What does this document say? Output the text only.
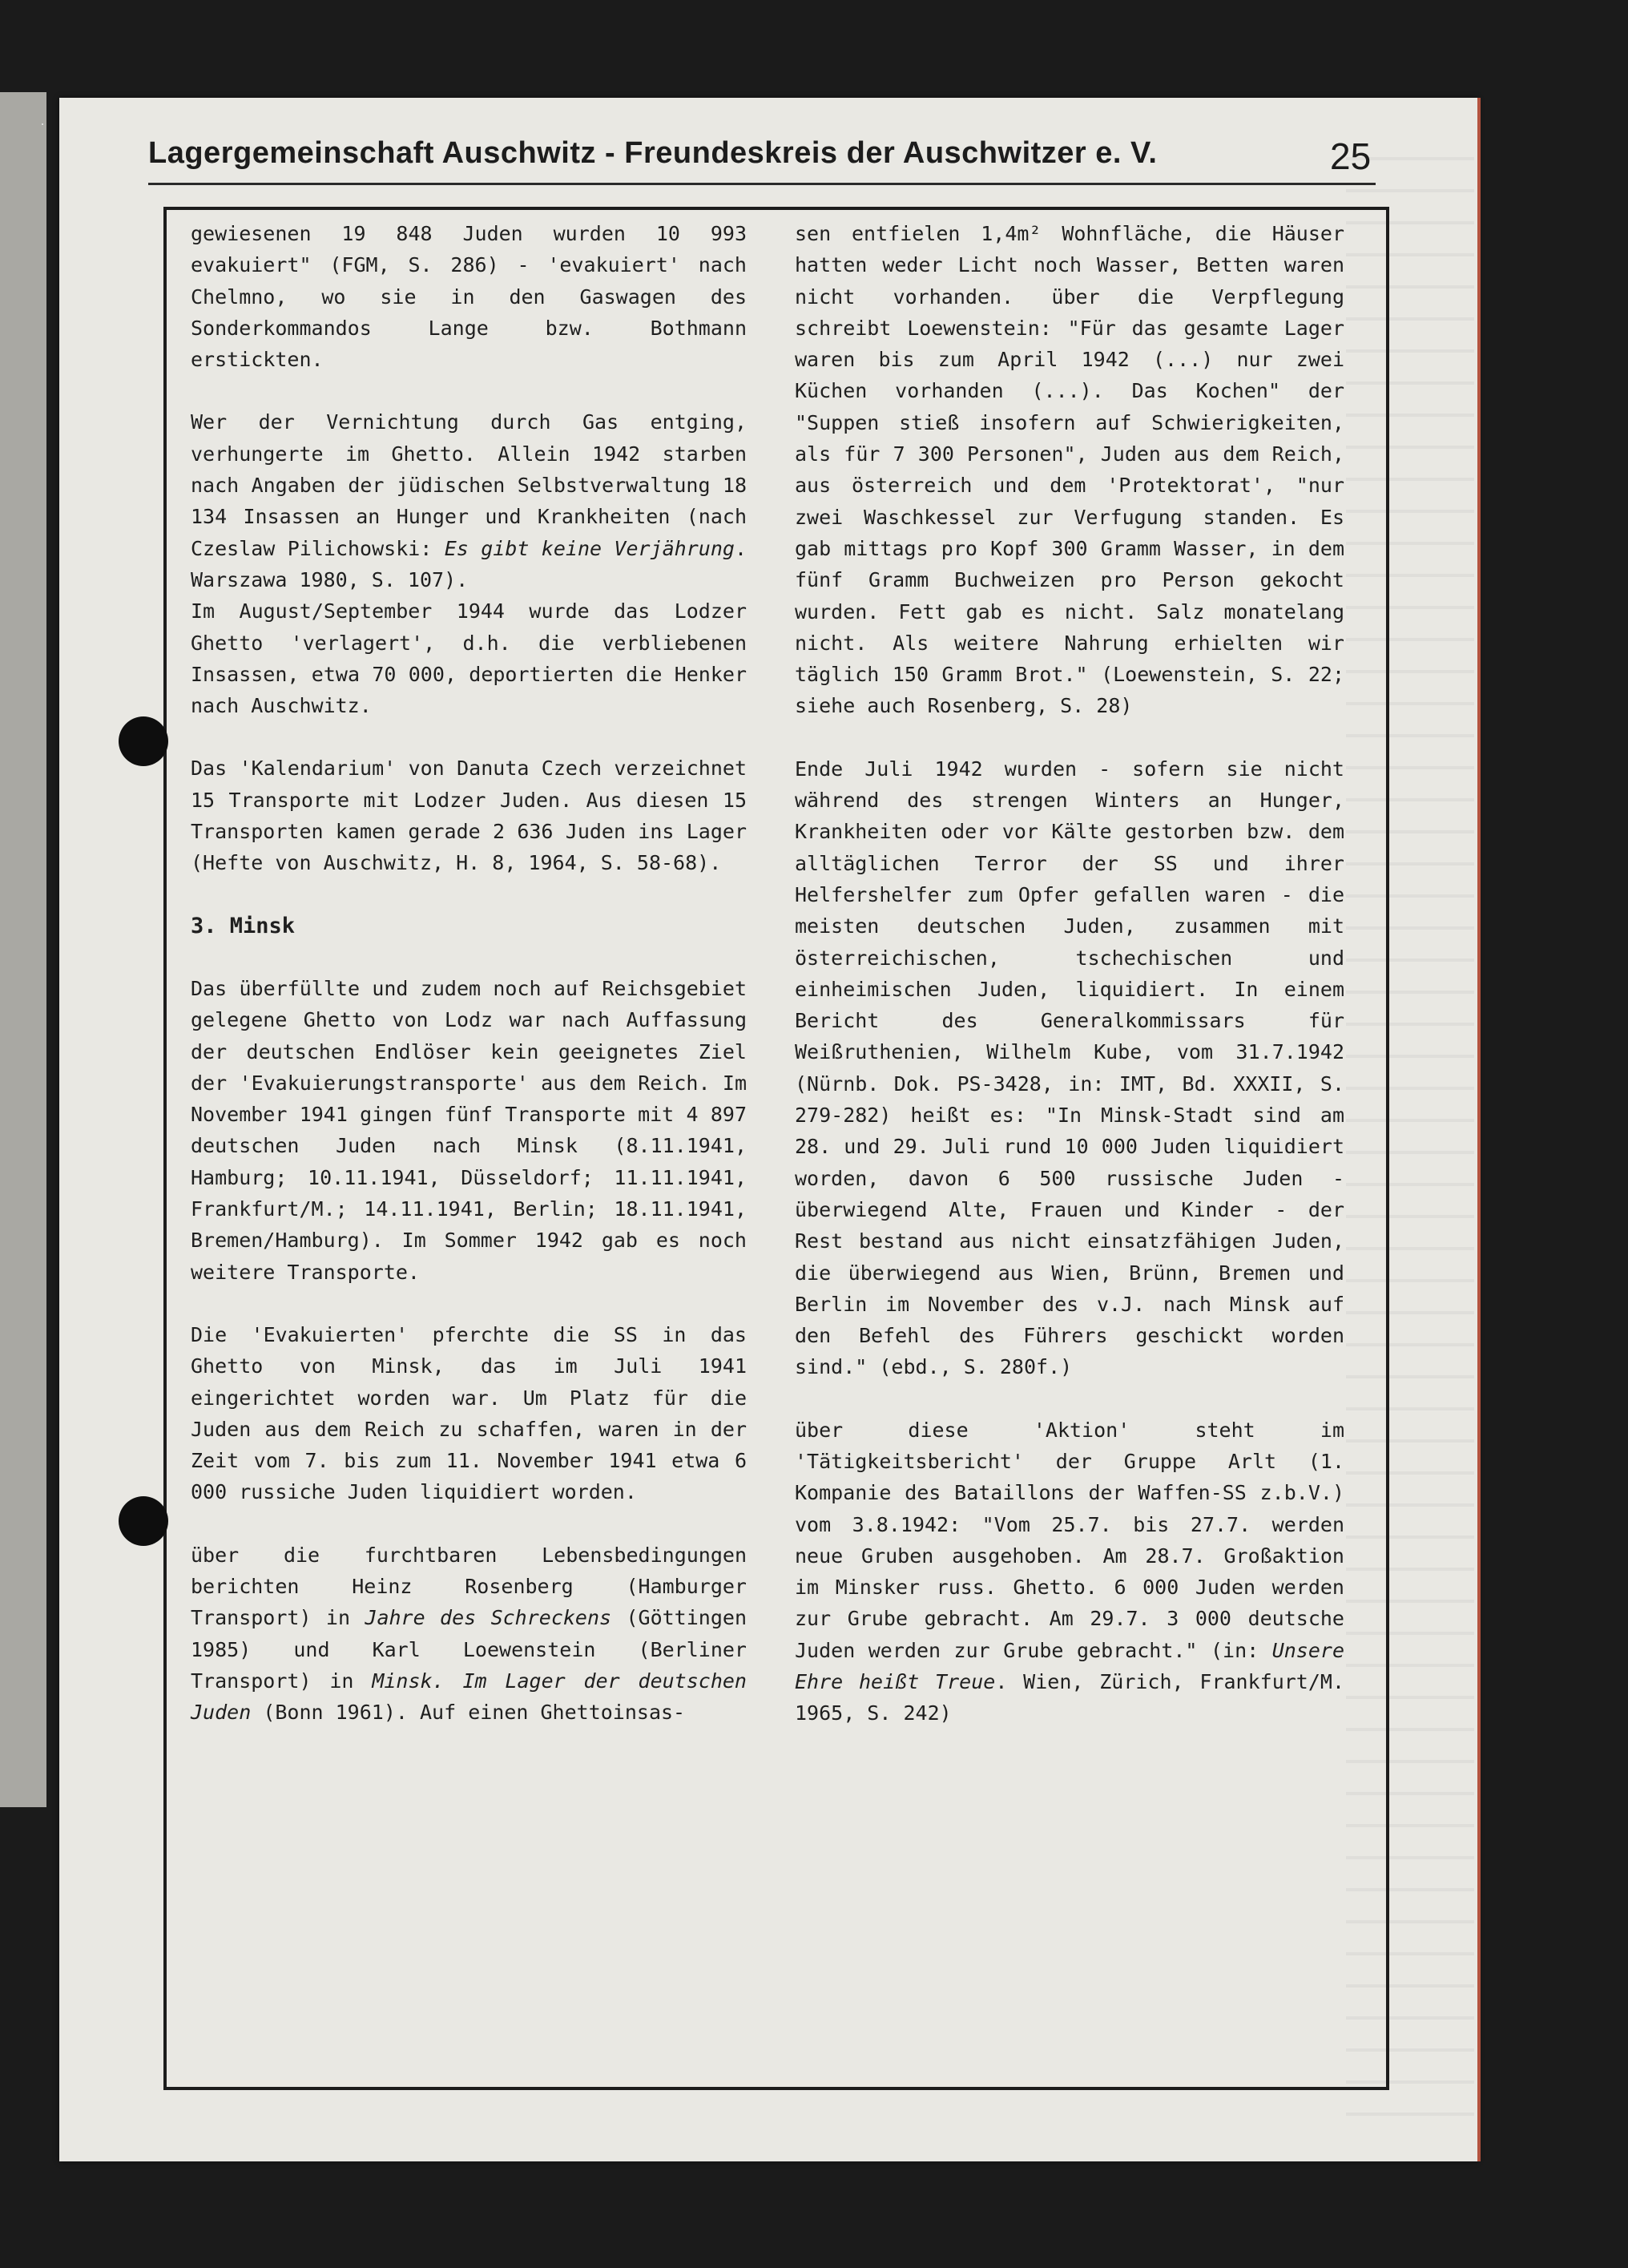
․
Lagergemeinschaft Auschwitz - Freundeskreis der Auschwitzer e. V.	25

gewiesenen 19 848 Juden wurden 10 993 evakuiert" (FGM, S. 286) - 'evakuiert' nach Chelmno, wo sie in den Gaswagen des Sonderkommandos Lange bzw. Bothmann erstickten.

Wer der Vernichtung durch Gas entging, verhungerte im Ghetto. Allein 1942 starben nach Angaben der jüdischen Selbstverwaltung 18 134 Insassen an Hunger und Krankheiten (nach Czeslaw Pilichowski: Es gibt keine Verjährung. Warszawa 1980, S. 107).

Im August/September 1944 wurde das Lodzer Ghetto 'verlagert', d.h. die verbliebenen Insassen, etwa 70 000, deportierten die Henker nach Auschwitz.

Das 'Kalendarium' von Danuta Czech verzeichnet 15 Transporte mit Lodzer Juden. Aus diesen 15 Transporten kamen gerade 2 636 Juden ins Lager (Hefte von Auschwitz, H. 8, 1964, S. 58-68).

3. Minsk

Das überfüllte und zudem noch auf Reichsgebiet gelegene Ghetto von Lodz war nach Auffassung der deutschen Endlöser kein geeignetes Ziel der 'Evakuierungstransporte' aus dem Reich. Im November 1941 gingen fünf Transporte mit 4 897 deutschen Juden nach Minsk (8.11.1941, Hamburg; 10.11.1941, Düsseldorf; 11.11.1941, Frankfurt/M.; 14.11.1941, Berlin; 18.11.1941, Bremen/Hamburg). Im Sommer 1942 gab es noch weitere Transporte.

Die 'Evakuierten' pferchte die SS in das Ghetto von Minsk, das im Juli 1941 eingerichtet worden war. Um Platz für die Juden aus dem Reich zu schaffen, waren in der Zeit vom 7. bis zum 11. November 1941 etwa 6 000 russiche Juden liquidiert worden.

über die furchtbaren Lebensbedingungen berichten Heinz Rosenberg (Hamburger Transport) in Jahre des Schreckens (Göttingen 1985) und Karl Loewenstein (Berliner Transport) in Minsk. Im Lager der deutschen Juden (Bonn 1961). Auf einen Ghettoinsas-

sen entfielen 1,4m² Wohnfläche, die Häuser hatten weder Licht noch Wasser, Betten waren nicht vorhanden. über die Verpflegung schreibt Loewenstein: "Für das gesamte Lager waren bis zum April 1942 (...) nur zwei Küchen vorhanden (...). Das Kochen" der "Suppen stieß insofern auf Schwierigkeiten, als für 7 300 Personen", Juden aus dem Reich, aus österreich und dem 'Protektorat', "nur zwei Waschkessel zur Verfugung standen. Es gab mittags pro Kopf 300 Gramm Wasser, in dem fünf Gramm Buchweizen pro Person gekocht wurden. Fett gab es nicht. Salz monatelang nicht. Als weitere Nahrung erhielten wir täglich 150 Gramm Brot." (Loewenstein, S. 22; siehe auch Rosenberg, S. 28)

Ende Juli 1942 wurden - sofern sie nicht während des strengen Winters an Hunger, Krankheiten oder vor Kälte gestorben bzw. dem alltäglichen Terror der SS und ihrer Helfershelfer zum Opfer gefallen waren - die meisten deutschen Juden, zusammen mit österreichischen, tschechischen und einheimischen Juden, liquidiert. In einem Bericht des Generalkommissars für Weißruthenien, Wilhelm Kube, vom 31.7.1942 (Nürnb. Dok. PS-3428, in: IMT, Bd. XXXII, S. 279-282) heißt es: "In Minsk-Stadt sind am 28. und 29. Juli rund 10 000 Juden liquidiert worden, davon 6 500 russische Juden - überwiegend Alte, Frauen und Kinder - der Rest bestand aus nicht einsatzfähigen Juden, die überwiegend aus Wien, Brünn, Bremen und Berlin im November des v.J. nach Minsk auf den Befehl des Führers geschickt worden sind." (ebd., S. 280f.)

über diese 'Aktion' steht im 'Tätigkeitsbericht' der Gruppe Arlt (1. Kompanie des Bataillons der Waffen-SS z.b.V.) vom 3.8.1942: "Vom 25.7. bis 27.7. werden neue Gruben ausgehoben. Am 28.7. Großaktion im Minsker russ. Ghetto. 6 000 Juden werden zur Grube gebracht. Am 29.7. 3 000 deutsche Juden werden zur Grube gebracht." (in: Unsere Ehre heißt Treue. Wien, Zürich, Frankfurt/M. 1965, S. 242)
